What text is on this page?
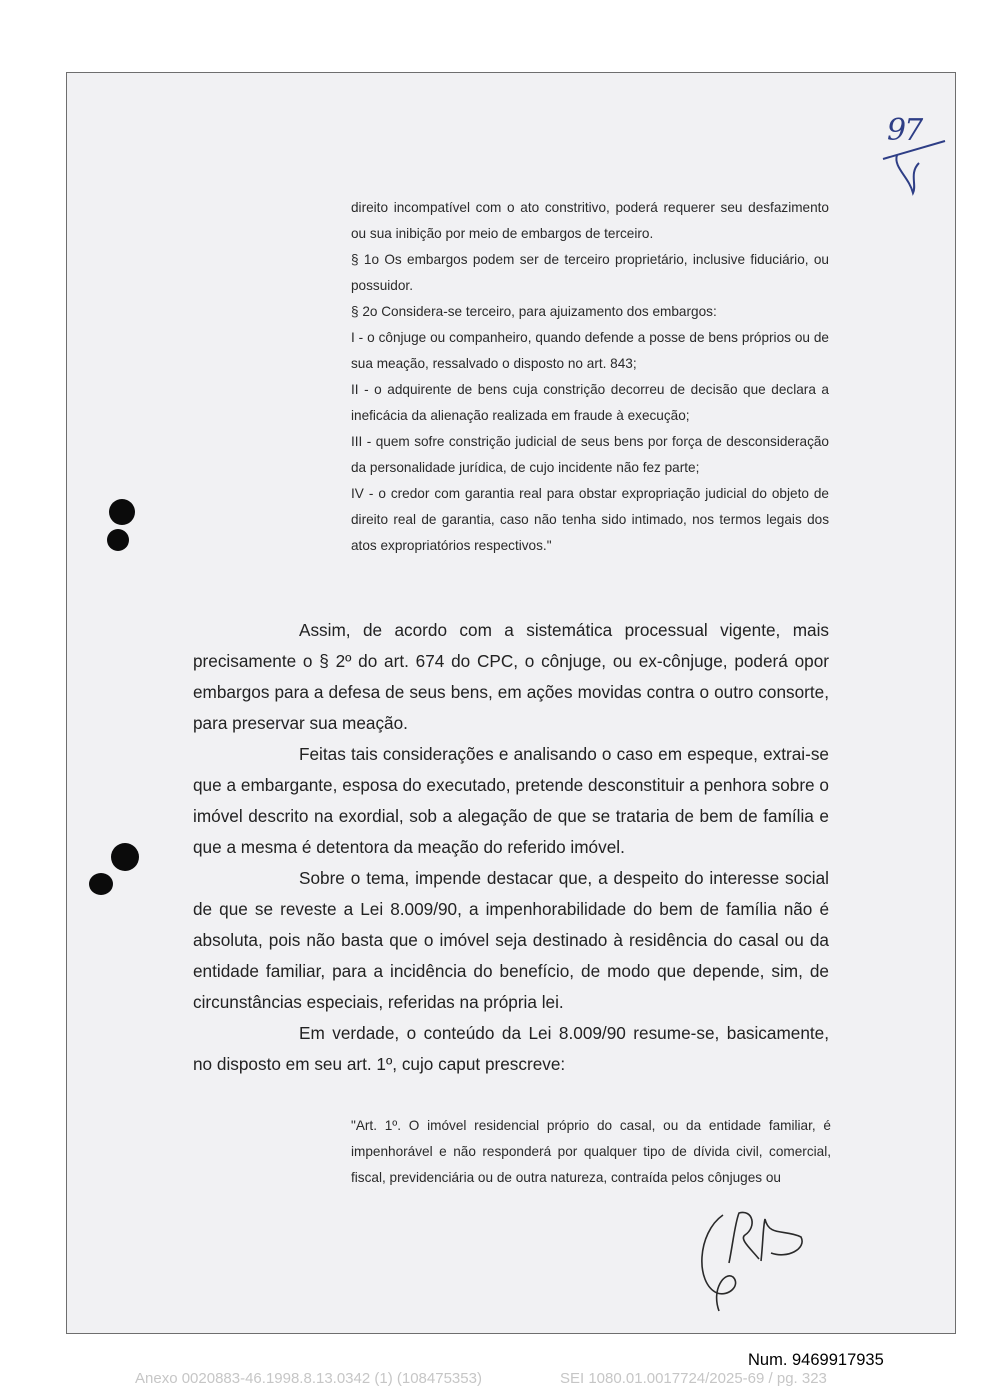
97

direito incompatível com o ato constritivo, poderá requerer seu desfazimento ou sua inibição por meio de embargos de terceiro.

§ 1o Os embargos podem ser de terceiro proprietário, inclusive fiduciário, ou possuidor.

§ 2o Considera-se terceiro, para ajuizamento dos embargos:

I - o cônjuge ou companheiro, quando defende a posse de bens próprios ou de sua meação, ressalvado o disposto no art. 843;

II - o adquirente de bens cuja constrição decorreu de decisão que declara a ineficácia da alienação realizada em fraude à execução;

III - quem sofre constrição judicial de seus bens por força de desconsideração da personalidade jurídica, de cujo incidente não fez parte;

IV - o credor com garantia real para obstar expropriação judicial do objeto de direito real de garantia, caso não tenha sido intimado, nos termos legais dos atos expropriatórios respectivos."

Assim, de acordo com a sistemática processual vigente, mais precisamente o § 2º do art. 674 do CPC, o cônjuge, ou ex-cônjuge, poderá opor embargos para a defesa de seus bens, em ações movidas contra o outro consorte, para preservar sua meação.

Feitas tais considerações e analisando o caso em espeque, extrai-se que a embargante, esposa do executado, pretende desconstituir a penhora sobre o imóvel descrito na exordial, sob a alegação de que se trataria de bem de família e que a mesma é detentora da meação do referido imóvel.

Sobre o tema, impende destacar que, a despeito do interesse social de que se reveste a Lei 8.009/90, a impenhorabilidade do bem de família não é absoluta, pois não basta que o imóvel seja destinado à residência do casal ou da entidade familiar, para a incidência do benefício, de modo que depende, sim, de circunstâncias especiais, referidas na própria lei.

Em verdade, o conteúdo da Lei 8.009/90 resume-se, basicamente, no disposto em seu art. 1º, cujo caput prescreve:

"Art. 1º. O imóvel residencial próprio do casal, ou da entidade familiar, é impenhorável e não responderá por qualquer tipo de dívida civil, comercial, fiscal, previdenciária ou de outra natureza, contraída pelos cônjuges ou

Num. 9469917935
Anexo 0020883-46.1998.8.13.0342 (1) (108475353)	SEI 1080.01.0017724/2025-69 / pg. 323
